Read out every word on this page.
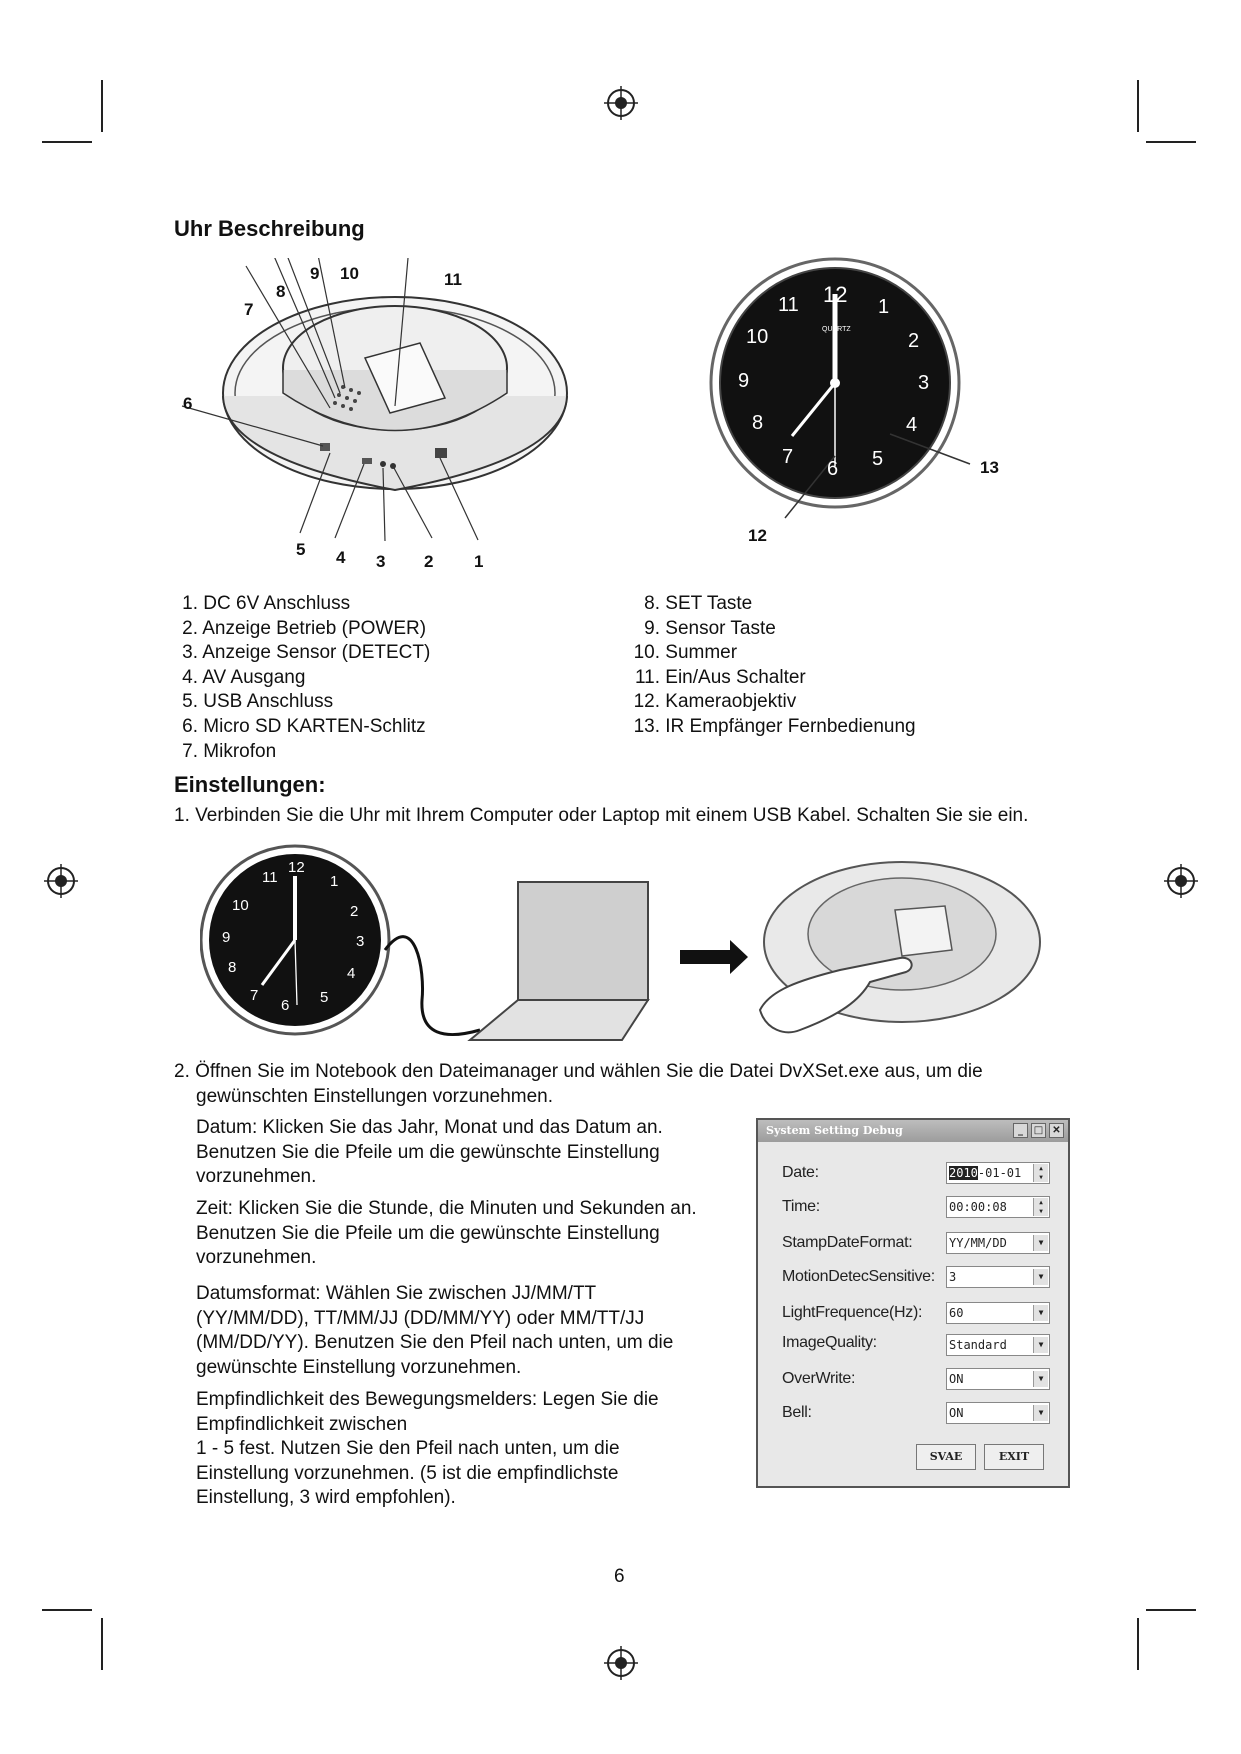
Uhr Beschreibung
7
8
9 10	11
6
5 4 3 2 1
12 1
2
3
4
5
6
7
8
9
10
11
QUARTZ
12
13
1. DC 6V Anschluss
2. Anzeige Betrieb (POWER)
3. Anzeige Sensor (DETECT)
4. AV Ausgang
5. USB Anschluss
6. Micro SD KARTEN-Schlitz
7. Mikrofon
8. SET Taste
9. Sensor Taste
10. Summer
11. Ein/Aus Schalter
12. Kameraobjektiv
13. IR Empfänger Fernbedienung
Einstellungen:
1. Verbinden Sie die Uhr mit Ihrem Computer oder Laptop mit einem USB Kabel. Schalten Sie sie ein.
12
1
2
3
4
5
6
7
8
9
10
11
2. Öffnen Sie im Notebook den Dateimanager und wählen Sie die Datei DvXSet.exe aus, um die
gewünschten Einstellungen vorzunehmen.
Datum: Klicken Sie das Jahr, Monat und das Datum an.
Benutzen Sie die Pfeile um die gewünschte Einstellung
vorzunehmen.
Zeit: Klicken Sie die Stunde, die Minuten und Sekunden an.
Benutzen Sie die Pfeile um die gewünschte Einstellung
vorzunehmen.
Datumsformat: Wählen Sie zwischen JJ/MM/TT
(YY/MM/DD), TT/MM/JJ (DD/MM/YY) oder MM/TT/JJ
(MM/DD/YY). Benutzen Sie den Pfeil nach unten, um die
gewünschte Einstellung vorzunehmen.
Empfindlichkeit des Bewegungsmelders: Legen Sie die
Empfindlichkeit zwischen
1 - 5 fest. Nutzen Sie den Pfeil nach unten, um die
Einstellung vorzunehmen. (5 ist die empfindlichste
Einstellung, 3 wird empfohlen).
System Setting Debug	_	□ ✕
Date:	2010-01-01	▲
▼
Time:	00:00:08	▲
▼
StampDateFormat:	YY/MM/DD	▼
MotionDetecSensitive: 3	▼
LightFrequence(Hz): 60	▼
ImageQuality:	Standard	▼
OverWrite:	ON	▼
Bell:	ON	▼
SVAE	EXIT
6
